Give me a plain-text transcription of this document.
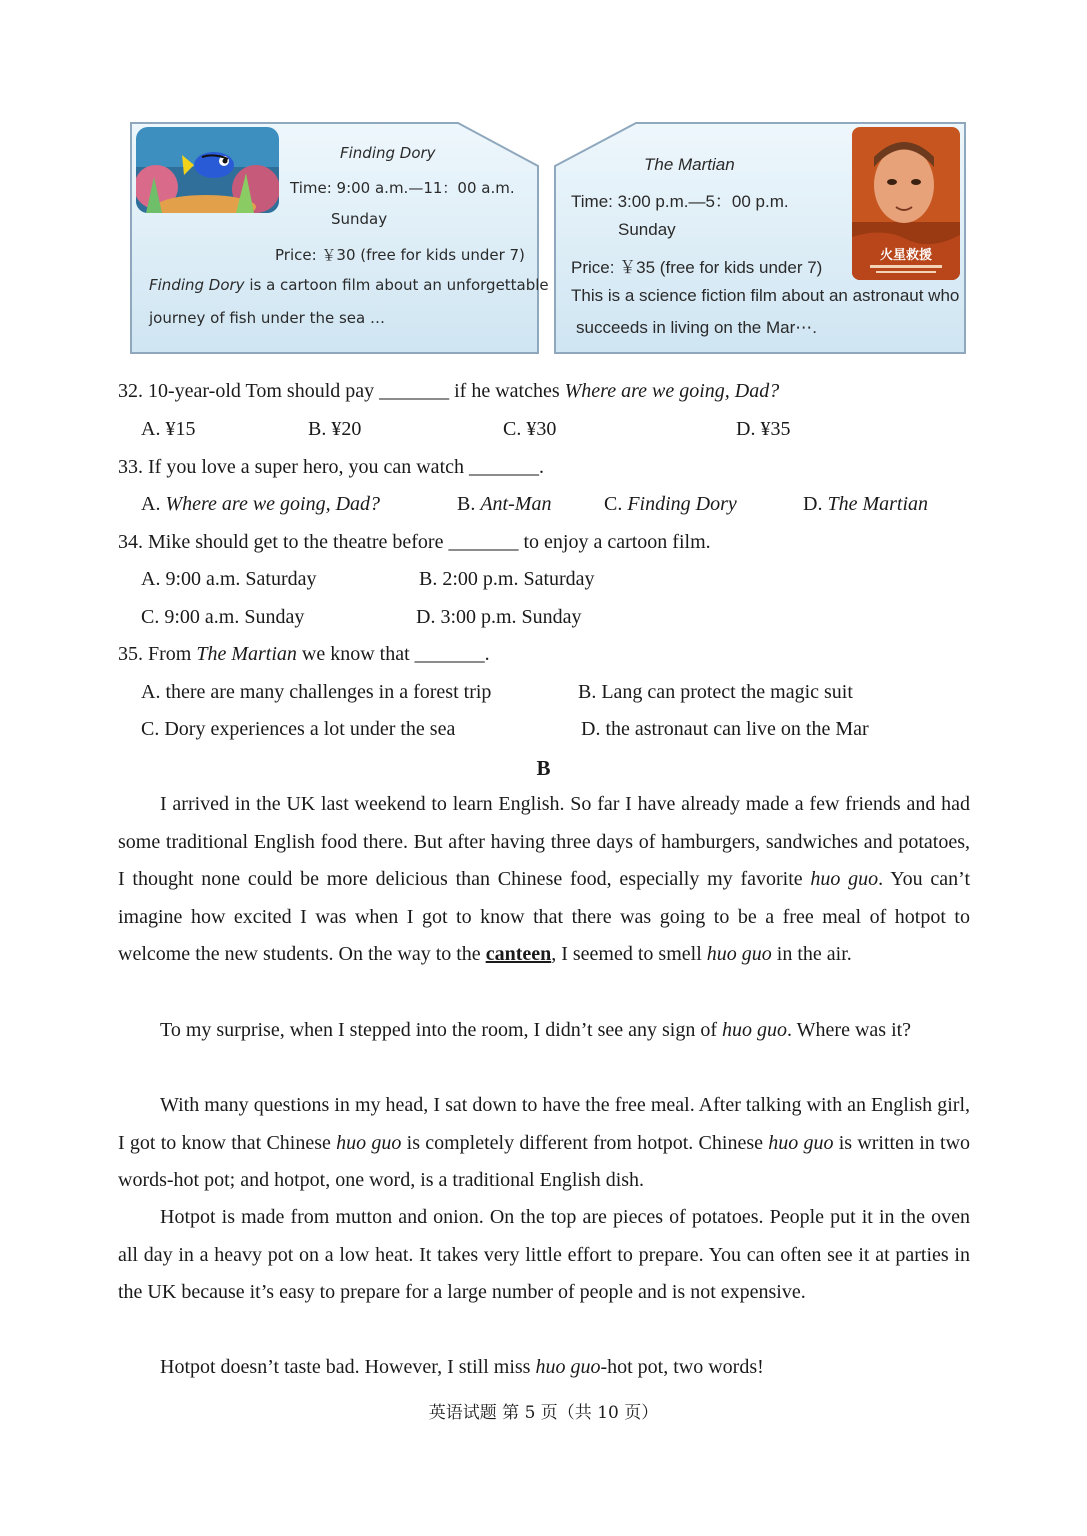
Finding Dory
Time: 9:00 a.m.—11：00 a.m.
Sunday
Price: ￥30 (free for kids under 7)
Finding Dory is a cartoon film about an unforgettable
journey of fish under the sea …
火星救援
The Martian
Time: 3:00 p.m.—5：00 p.m.
Sunday
Price: ￥35 (free for kids under 7)
This is a science fiction film about an astronaut who
succeeds in living on the Mar⋯.
32. 10-year-old Tom should pay _______ if he watches Where are we going, Dad?
A. ¥15	B. ¥20	C. ¥30	D. ¥35
33. If you love a super hero, you can watch _______.
A. Where are we going, Dad?	B. Ant-Man	C. Finding Dory	D. The Martian
34. Mike should get to the theatre before _______ to enjoy a cartoon film.
A. 9:00 a.m. Saturday	B. 2:00 p.m. Saturday
C. 9:00 a.m. Sunday	D. 3:00 p.m. Sunday
35. From The Martian we know that _______.
A. there are many challenges in a forest trip	B. Lang can protect the magic suit
C. Dory experiences a lot under the sea	D. the astronaut can live on the Mar
B
I arrived in the UK last weekend to learn English. So far I have already made a few friends and had some traditional English food there. But after having three days of hamburgers, sandwiches and potatoes, I thought none could be more delicious than Chinese food, especially my favorite huo guo. You can’t imagine how excited I was when I got to know that there was going to be a free meal of hotpot to welcome the new students. On the way to the canteen, I seemed to smell huo guo in the air.
To my surprise, when I stepped into the room, I didn’t see any sign of huo guo. Where was it?
With many questions in my head, I sat down to have the free meal. After talking with an English girl, I got to know that Chinese huo guo is completely different from hotpot. Chinese huo guo is written in two words-hot pot; and hotpot, one word, is a traditional English dish.
Hotpot is made from mutton and onion. On the top are pieces of potatoes. People put it in the oven all day in a heavy pot on a low heat. It takes very little effort to prepare. You can often see it at parties in the UK because it’s easy to prepare for a large number of people and is not expensive.
Hotpot doesn’t taste bad. However, I still miss huo guo-hot pot, two words!
英语试题 第 5 页（共 10 页）
